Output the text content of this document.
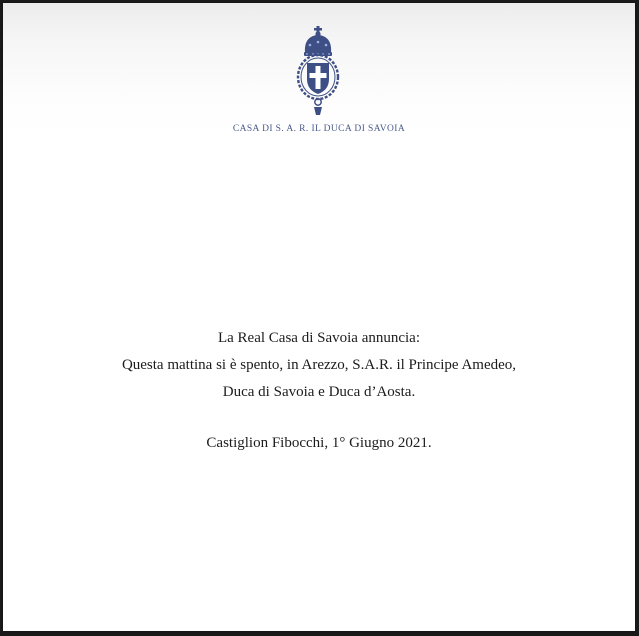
CASA DI S. A. R. IL DUCA DI SAVOIA
La Real Casa di Savoia annuncia:
Questa mattina si è spento, in Arezzo, S.A.R. il Principe Amedeo,
Duca di Savoia e Duca d’Aosta.
Castiglion Fibocchi, 1° Giugno 2021.
